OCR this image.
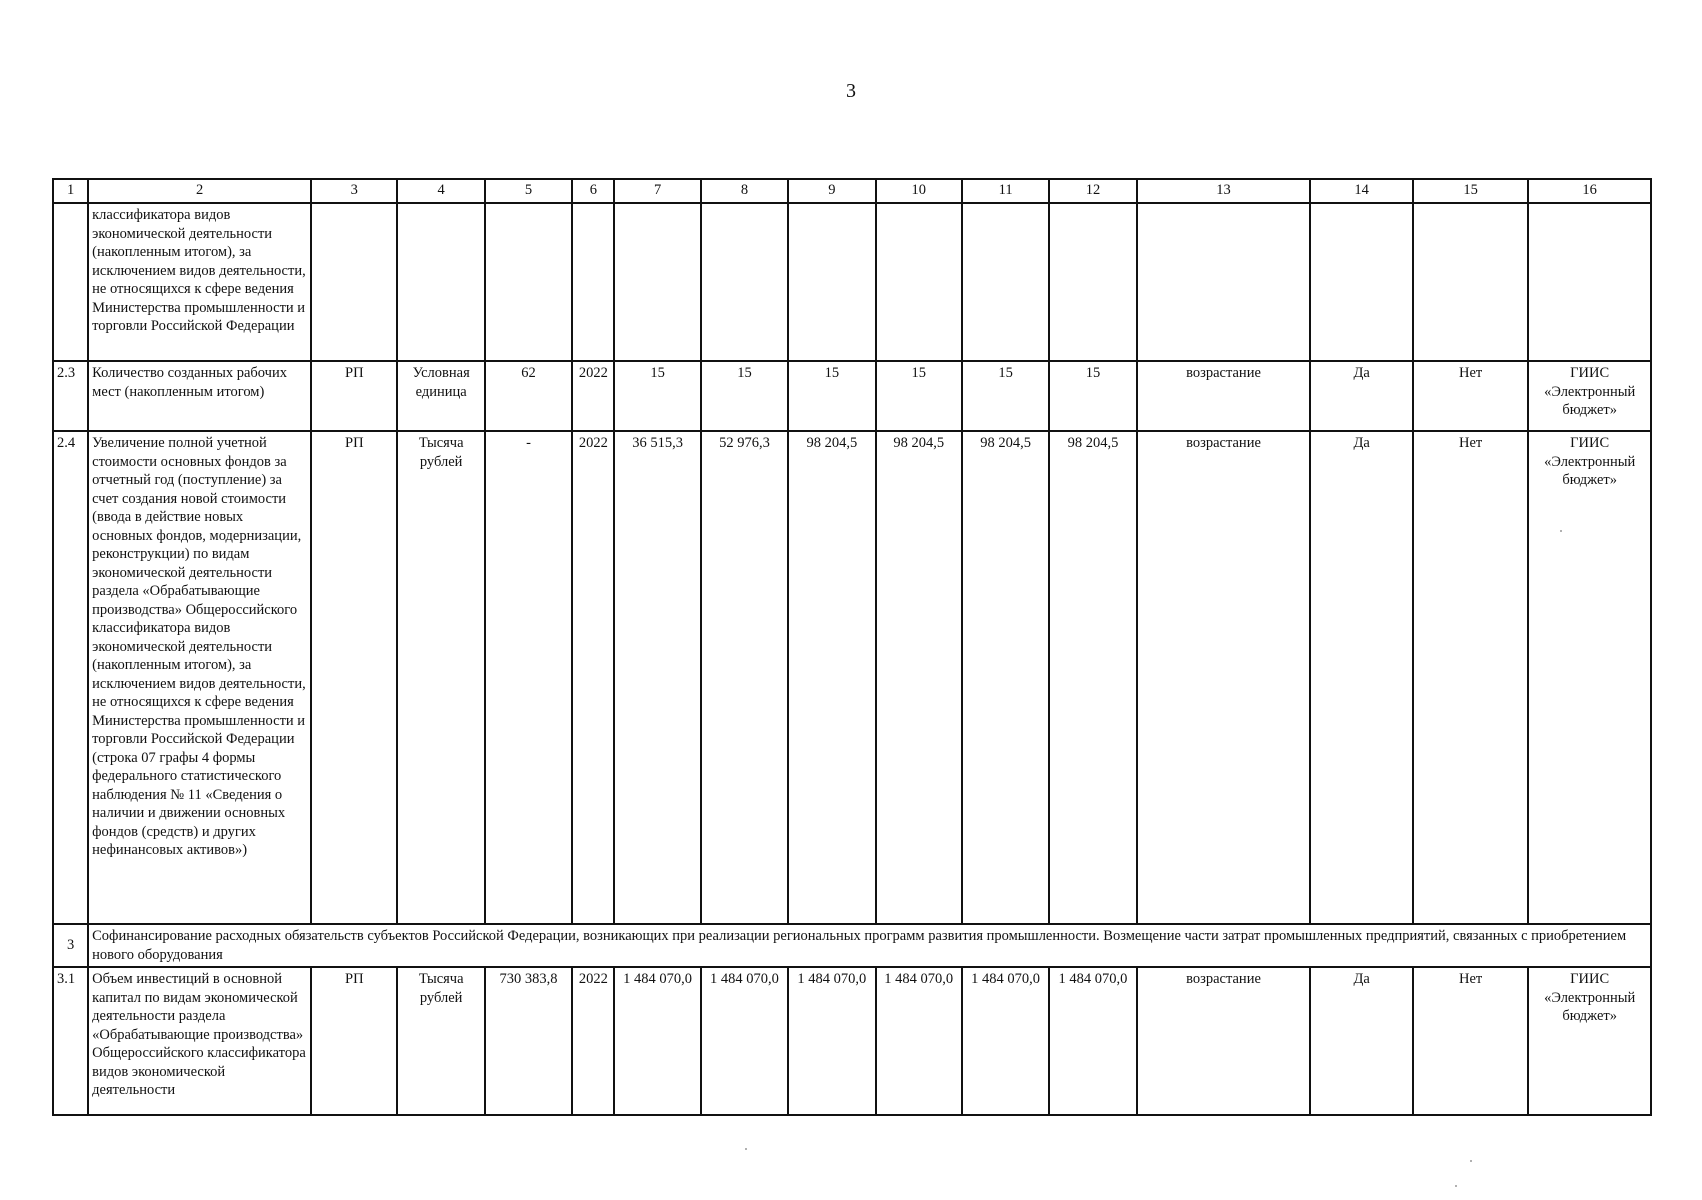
3
1	2	3	4	5	6	7	8	9	10	11	12	13	14	15	16
	классификатора видов экономической деятельности (накопленным итогом), за исключением видов деятельности, не относящихся к сфере ведения Министерства промышленности и торговли Российской Федерации														
2.3	Количество созданных рабочих мест (накопленным итогом)	РП	Условная единица	62	2022	15	15	15	15	15	15	возрастание	Да	Нет	ГИИС «Электронный бюджет»
2.4	Увеличение полной учетной стоимости основных фондов за отчетный год (поступление) за счет создания новой стоимости (ввода в действие новых основных фондов, модернизации, реконструкции) по видам экономической деятельности раздела «Обрабатывающие производства» Общероссийского классификатора видов экономической деятельности (накопленным итогом), за исключением видов деятельности, не относящихся к сфере ведения Министерства промышленности и торговли Российской Федерации (строка 07 графы 4 формы федерального статистического наблюдения № 11 «Сведения о наличии и движении основных фондов (средств) и других нефинансовых активов»)	РП	Тысяча рублей	-	2022	36 515,3	52 976,3	98 204,5	98 204,5	98 204,5	98 204,5	возрастание	Да	Нет	ГИИС «Электронный бюджет»
3	Софинансирование расходных обязательств субъектов Российской Федерации, возникающих при реализации региональных программ развития промышленности. Возмещение части затрат промышленных предприятий, связанных с приобретением нового оборудования														
3.1	Объем инвестиций в основной капитал по видам экономической деятельности раздела «Обрабатывающие производства» Общероссийского классификатора видов экономической деятельности	РП	Тысяча рублей	730 383,8	2022	1 484 070,0	1 484 070,0	1 484 070,0	1 484 070,0	1 484 070,0	1 484 070,0	возрастание	Да	Нет	ГИИС «Электронный бюджет»
